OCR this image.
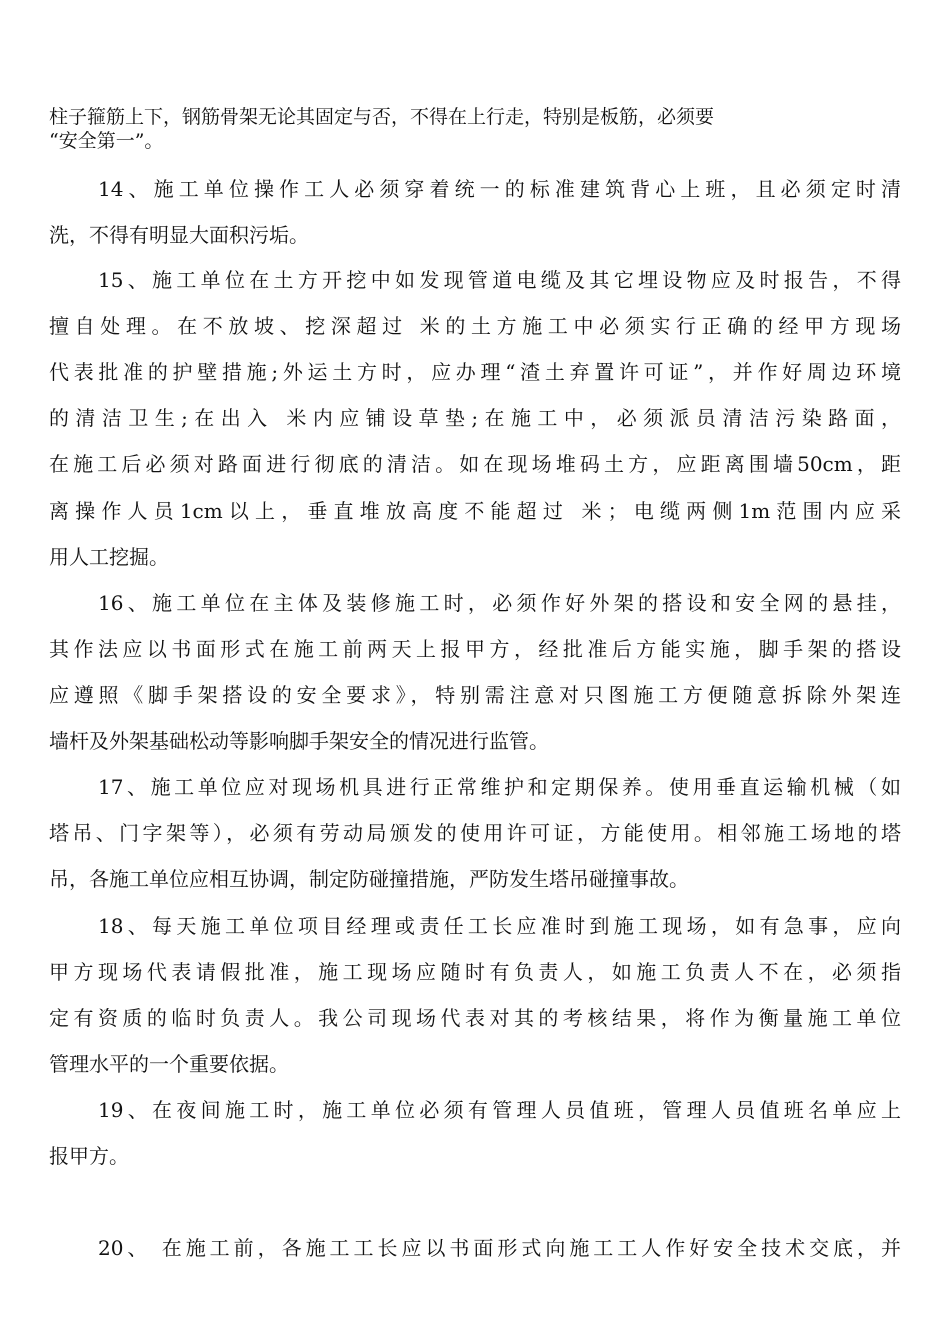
柱子箍筋上下，钢筋骨架无论其固定与否，不得在上行走，特别是板筋，必须要
“安全第一”。
14、施工单位操作工人必须穿着统一的标准建筑背心上班，且必须定时清
洗，不得有明显大面积污垢。
15、施工单位在土方开挖中如发现管道电缆及其它埋设物应及时报告，不得
擅自处理。在不放坡、挖深超过 米的土方施工中必须实行正确的经甲方现场
代表批准的护壁措施;外运土方时，应办理“渣土弃置许可证”，并作好周边环境
的清洁卫生;在出入 米内应铺设草垫;在施工中，必须派员清洁污染路面，
在施工后必须对路面进行彻底的清洁。如在现场堆码土方，应距离围墙50cm，距
离操作人员1cm以上，垂直堆放高度不能超过 米；电缆两侧1m范围内应采
用人工挖掘。
16、施工单位在主体及装修施工时，必须作好外架的搭设和安全网的悬挂，
其作法应以书面形式在施工前两天上报甲方，经批准后方能实施，脚手架的搭设
应遵照《脚手架搭设的安全要求》，特别需注意对只图施工方便随意拆除外架连
墙杆及外架基础松动等影响脚手架安全的情况进行监管。
17、施工单位应对现场机具进行正常维护和定期保养。使用垂直运输机械（如
塔吊、门字架等），必须有劳动局颁发的使用许可证，方能使用。相邻施工场地的塔
吊，各施工单位应相互协调，制定防碰撞措施，严防发生塔吊碰撞事故。
18、每天施工单位项目经理或责任工长应准时到施工现场，如有急事，应向
甲方现场代表请假批准，施工现场应随时有负责人，如施工负责人不在，必须指
定有资质的临时负责人。我公司现场代表对其的考核结果，将作为衡量施工单位
管理水平的一个重要依据。
19、在夜间施工时，施工单位必须有管理人员值班，管理人员值班名单应上
报甲方。
20、 在施工前，各施工工长应以书面形式向施工工人作好安全技术交底，并
